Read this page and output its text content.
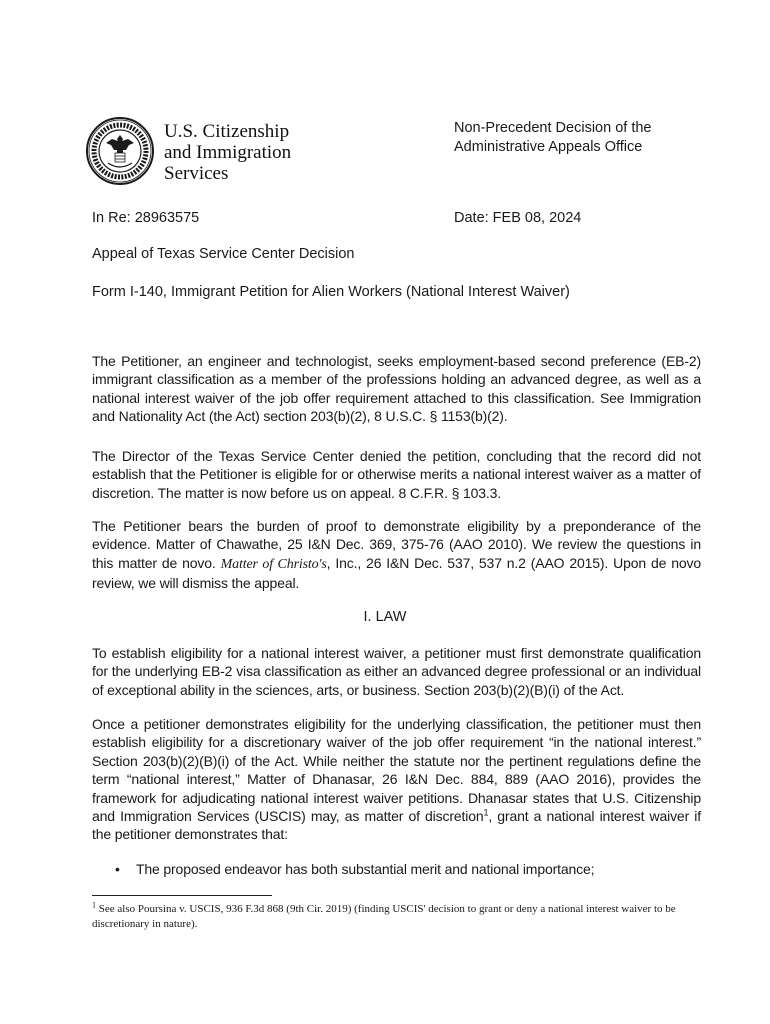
U.S. Citizenship
and Immigration
Services
Non-Precedent Decision of the
Administrative Appeals Office
In Re: 28963575	Date: FEB 08, 2024
Appeal of Texas Service Center Decision
Form I-140, Immigrant Petition for Alien Workers (National Interest Waiver)
The Petitioner, an engineer and technologist, seeks employment-based second preference (EB-2) immigrant classification as a member of the professions holding an advanced degree, as well as a national interest waiver of the job offer requirement attached to this classification. See Immigration and Nationality Act (the Act) section 203(b)(2), 8 U.S.C. § 1153(b)(2).
The Director of the Texas Service Center denied the petition, concluding that the record did not establish that the Petitioner is eligible for or otherwise merits a national interest waiver as a matter of discretion. The matter is now before us on appeal. 8 C.F.R. § 103.3.
The Petitioner bears the burden of proof to demonstrate eligibility by a preponderance of the evidence. Matter of Chawathe, 25 I&N Dec. 369, 375-76 (AAO 2010). We review the questions in this matter de novo. Matter of Christo's, Inc., 26 I&N Dec. 537, 537 n.2 (AAO 2015). Upon de novo review, we will dismiss the appeal.
I. LAW
To establish eligibility for a national interest waiver, a petitioner must first demonstrate qualification for the underlying EB-2 visa classification as either an advanced degree professional or an individual of exceptional ability in the sciences, arts, or business. Section 203(b)(2)(B)(i) of the Act.
Once a petitioner demonstrates eligibility for the underlying classification, the petitioner must then establish eligibility for a discretionary waiver of the job offer requirement “in the national interest.” Section 203(b)(2)(B)(i) of the Act. While neither the statute nor the pertinent regulations define the term “national interest,” Matter of Dhanasar, 26 I&N Dec. 884, 889 (AAO 2016), provides the framework for adjudicating national interest waiver petitions. Dhanasar states that U.S. Citizenship and Immigration Services (USCIS) may, as matter of discretion$^1$, grant a national interest waiver if the petitioner demonstrates that:
• The proposed endeavor has both substantial merit and national importance;
$^1$ See also Poursina v. USCIS, 936 F.3d 868 (9th Cir. 2019) (finding USCIS' decision to grant or deny a national interest waiver to be discretionary in nature).
